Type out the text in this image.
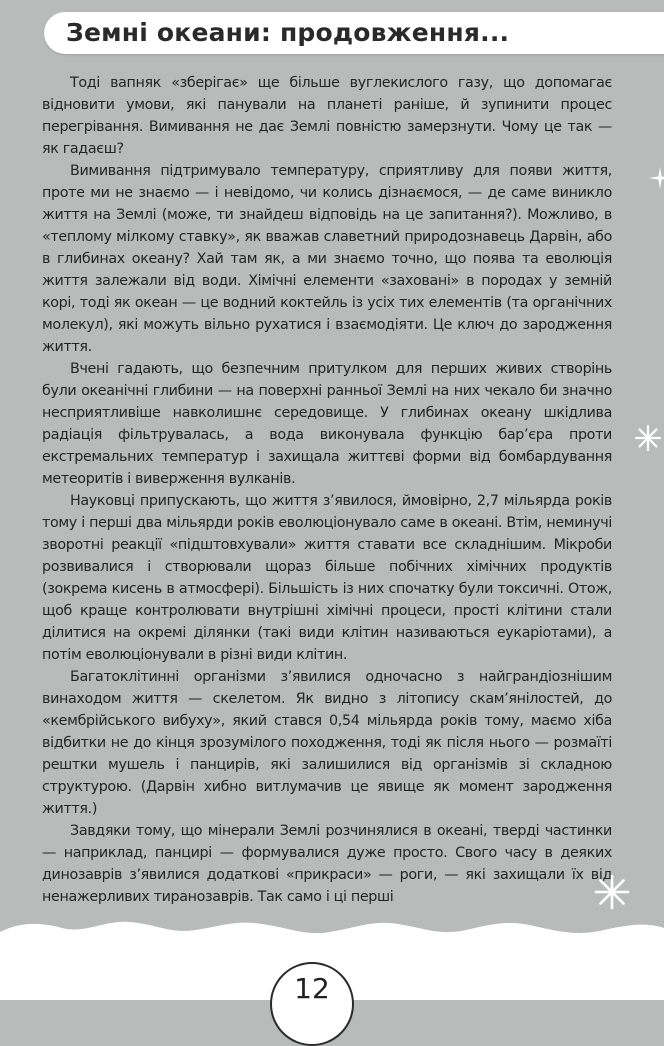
Земні океани: продовження...

Тоді вапняк «зберігає» ще більше вуглекислого газу, що допомагає відновити умови, які панували на планеті раніше, й зупинити процес перегрівання. Вимивання не дає Землі повністю замерзнути. Чому це так — як гадаєш?

Вимивання підтримувало температуру, сприятливу для появи життя, проте ми не знаємо — і невідомо, чи колись дізнаємося, — де саме виникло життя на Землі (може, ти знайдеш відповідь на це запитання?). Можливо, в «теплому мілкому ставку», як вважав славетний природознавець Дарвін, або в глибинах океану? Хай там як, а ми знаємо точно, що поява та еволюція життя залежали від води. Хімічні елементи «заховані» в породах у земній корі, тоді як океан — це водний коктейль із усіх тих елементів (та органічних молекул), які можуть вільно рухатися і взаємодіяти. Це ключ до зародження життя.

Вчені гадають, що безпечним притулком для перших живих створінь були океанічні глибини — на поверхні ранньої Землі на них чекало би значно несприятливіше навколишнє середовище. У глибинах океану шкідлива радіація фільтрувалась, а вода виконувала функцію бар’єра проти екстремальних температур і захищала життєві форми від бомбардування метеоритів і виверження вулканів.

Науковці припускають, що життя з’явилося, ймовірно, 2,7 мільярда років тому і перші два мільярди років еволюціонувало саме в океані. Втім, неминучі зворотні реакції «підштовхували» життя ставати все складнішим. Мікроби розвивалися і створювали щораз більше побічних хімічних продуктів (зокрема кисень в атмосфері). Більшість із них спочатку були токсичні. Отож, щоб краще контролювати внутрішні хімічні процеси, прості клітини стали ділитися на окремі ділянки (такі види клітин називаються еукаріотами), а потім еволюціонували в різні види клітин.

Багатоклітинні організми з’явилися одночасно з найграндіознішим винаходом життя — скелетом. Як видно з літопису скам’янілостей, до «кембрійського вибуху», який стався 0,54 мільярда років тому, маємо хіба відбитки не до кінця зрозумілого походження, тоді як після нього — розмаїті рештки мушель і панцирів, які залишилися від організмів зі складною структурою. (Дарвін хибно витлумачив це явище як момент зародження життя.)

Завдяки тому, що мінерали Землі розчинялися в океані, тверді частинки — наприклад, панцирі — формувалися дуже просто. Свого часу в деяких динозаврів з’явилися додаткові «прикраси» — роги, — які захищали їх від ненажерливих тиранозаврів. Так само і ці перші

12
